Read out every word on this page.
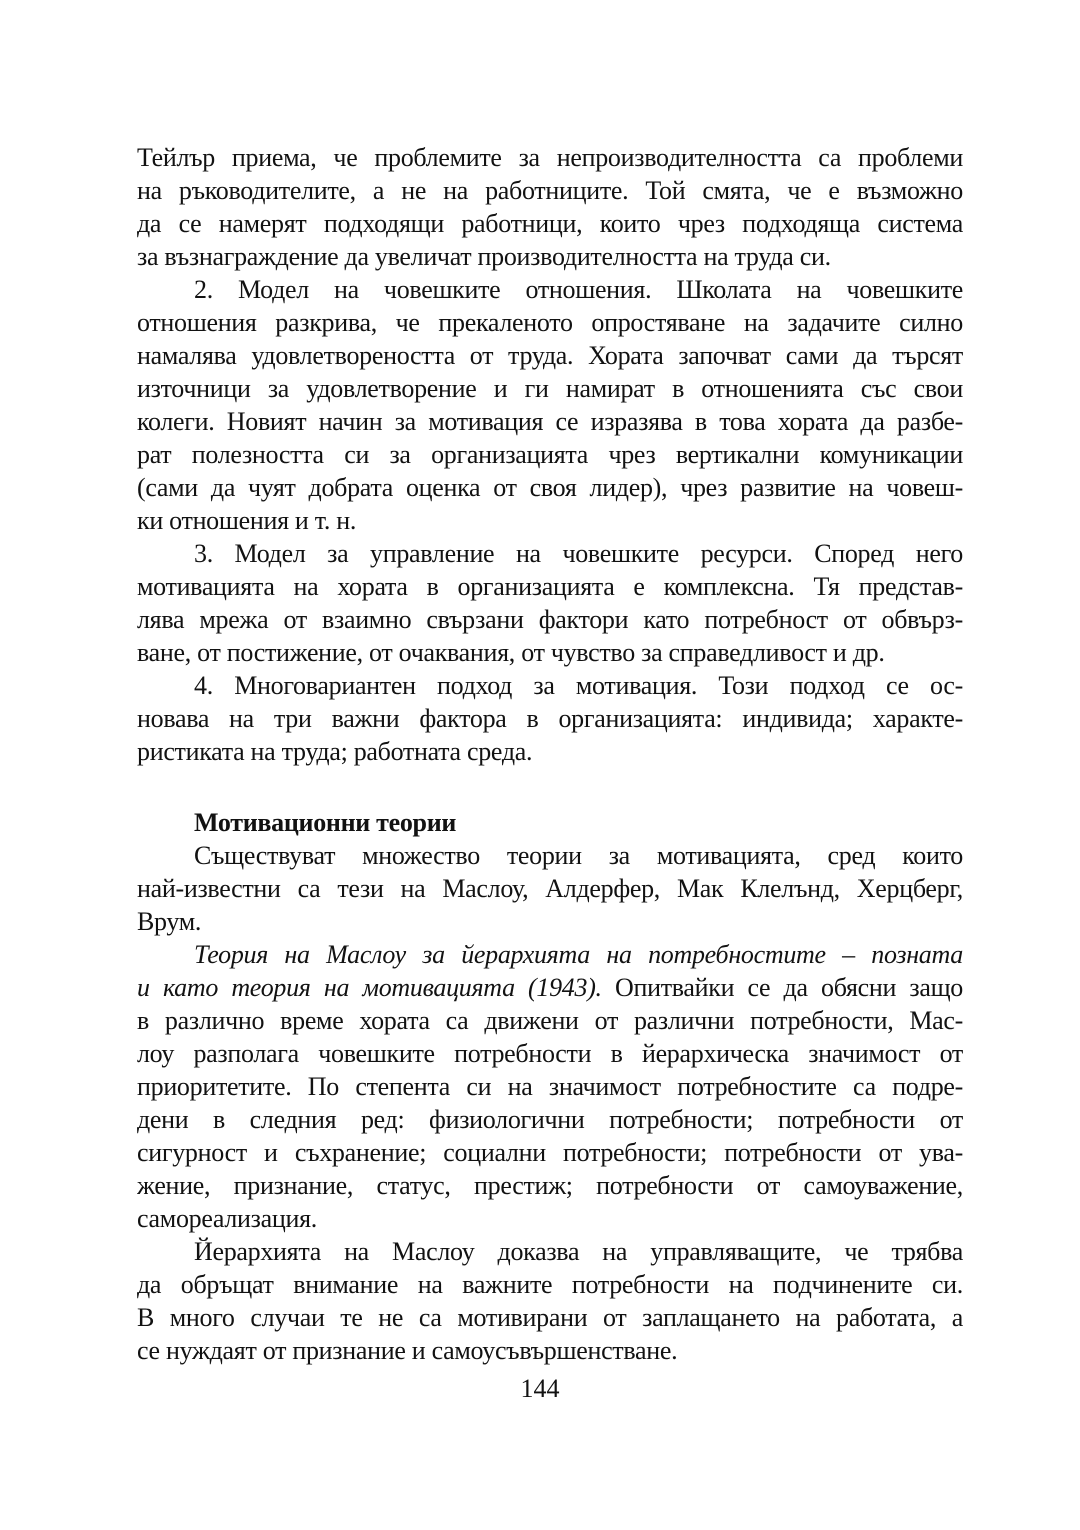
Тейлър приема, че проблемите за непроизводителността са проблеми
на ръководителите, а не на работниците. Той смята, че е възможно
да се намерят подходящи работници, които чрез подходяща система
за възнаграждение да увеличат производителността на труда си.
2. Модел на човешките отношения. Школата на човешките
отношения разкрива, че прекаленото опростяване на задачите силно
намалява удовлетвореността от труда. Хората започват сами да търсят
източници за удовлетворение и ги намират в отношенията със свои
колеги. Новият начин за мотивация се изразява в това хората да разбе-
рат полезността си за организацията чрез вертикални комуникации
(сами да чуят добрата оценка от своя лидер), чрез развитие на човеш-
ки отношения и т. н.
3. Модел за управление на човешките ресурси. Според него
мотивацията на хората в организацията е комплексна. Тя представ-
лява мрежа от взаимно свързани фактори като потребност от обвърз-
ване, от постижение, от очаквания, от чувство за справедливост и др.
4. Многовариантен подход за мотивация. Този подход се ос-
новава на три важни фактора в организацията: индивида; характе-
ристиката на труда; работната среда.
Мотивационни теории
Съществуват множество теории за мотивацията, сред които
най-известни са тези на Маслоу, Алдерфер, Мак Клелънд, Херцберг,
Врум.
Теория на Маслоу за йерархията на потребностите – позната
и като теория на мотивацията (1943). Опитвайки се да обясни защо
в различно време хората са движени от различни потребности, Мас-
лоу разполага човешките потребности в йерархическа значимост от
приоритетите. По степента си на значимост потребностите са подре-
дени в следния ред: физиологични потребности; потребности от
сигурност и съхранение; социални потребности; потребности от ува-
жение, признание, статус, престиж; потребности от самоуважение,
самореализация.
Йерархията на Маслоу доказва на управляващите, че трябва
да обръщат внимание на важните потребности на подчинените си.
В много случаи те не са мотивирани от заплащането на работата, а
се нуждаят от признание и самоусъвършенстване.
144
